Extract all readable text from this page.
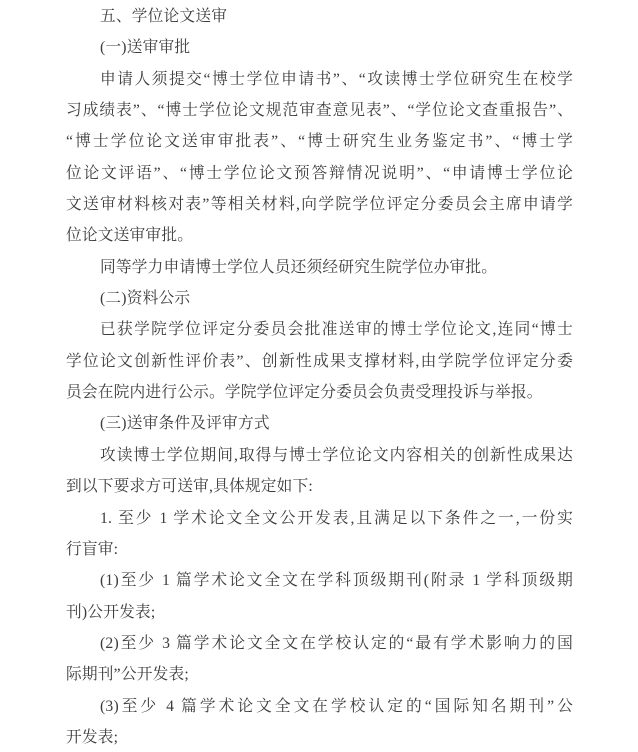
五、学位论文送审
(一)送审审批
申请人须提交“博士学位申请书”、“攻读博士学位研究生在校学
习成绩表”、“博士学位论文规范审查意见表”、“学位论文查重报告”、
“博士学位论文送审审批表”、“博士研究生业务鉴定书”、“博士学
位论文评语”、“博士学位论文预答辩情况说明”、“申请博士学位论
文送审材料核对表”等相关材料,向学院学位评定分委员会主席申请学
位论文送审审批。
同等学力申请博士学位人员还须经研究生院学位办审批。
(二)资料公示
已获学院学位评定分委员会批准送审的博士学位论文,连同“博士
学位论文创新性评价表”、创新性成果支撑材料,由学院学位评定分委
员会在院内进行公示。学院学位评定分委员会负责受理投诉与举报。
(三)送审条件及评审方式
攻读博士学位期间,取得与博士学位论文内容相关的创新性成果达
到以下要求方可送审,具体规定如下:
1. 至少 1 学术论文全文公开发表,且满足以下条件之一,一份实
行盲审:
(1)至少 1 篇学术论文全文在学科顶级期刊(附录 1 学科顶级期
刊)公开发表;
(2)至少 3 篇学术论文全文在学校认定的“最有学术影响力的国
际期刊”公开发表;
(3)至少 4 篇学术论文全文在学校认定的“国际知名期刊”公
开发表;
